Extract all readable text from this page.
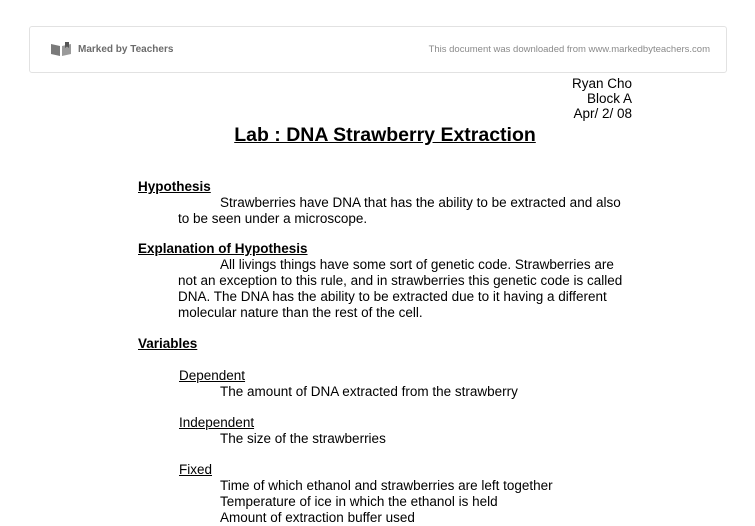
Marked by Teachers	This document was downloaded from www.markedbyteachers.com
Ryan Cho
Block A
Apr/ 2/ 08
Lab : DNA Strawberry Extraction
Hypothesis
Strawberries have DNA that has the ability to be extracted and also
to be seen under a microscope.
Explanation of Hypothesis
All livings things have some sort of genetic code. Strawberries are
not an exception to this rule, and in strawberries this genetic code is called
DNA. The DNA has the ability to be extracted due to it having a different
molecular nature than the rest of the cell.
Variables
Dependent
The amount of DNA extracted from the strawberry
Independent
The size of the strawberries
Fixed
Time of which ethanol and strawberries are left together
Temperature of ice in which the ethanol is held
Amount of extraction buffer used
